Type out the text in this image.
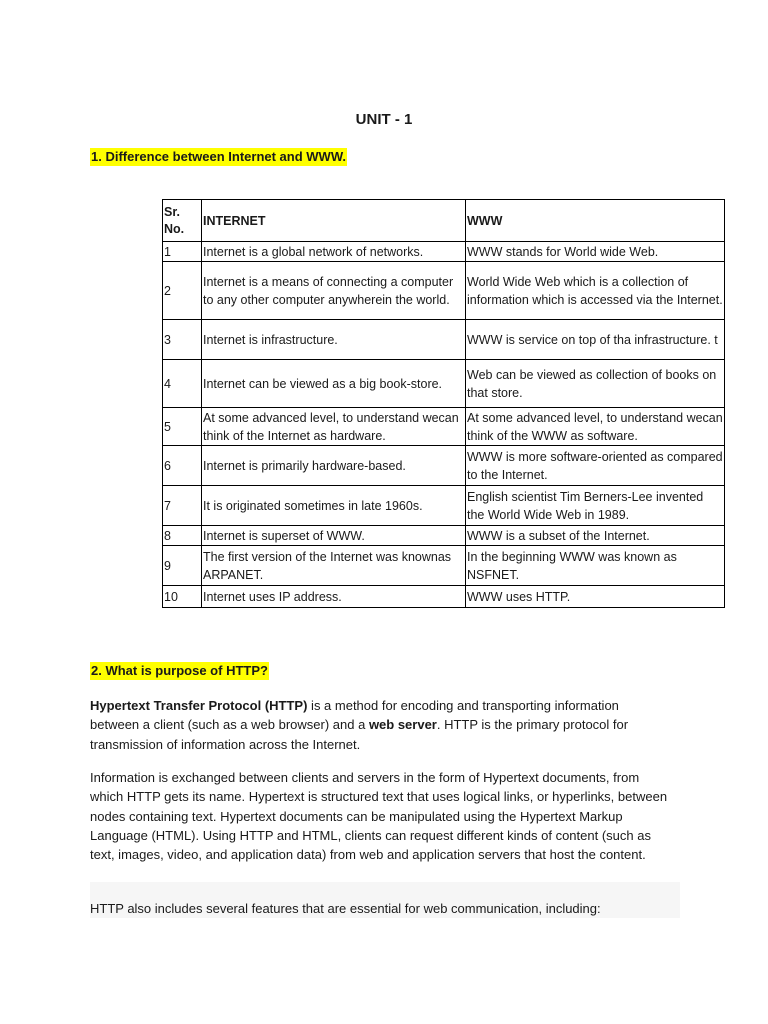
UNIT - 1
1. Difference between Internet and WWW.
Sr.
No.	INTERNET	WWW
1	Internet is a global network of networks.	WWW stands for World wide Web.
2	Internet is a means of connecting a computer to any other computer anywherein the world.	World Wide Web which is a collection of information which is accessed via the Internet.
3	Internet is infrastructure.	WWW is service on top of tha infrastructure. t
4	Internet can be viewed as a big book-store.	Web can be viewed as collection of books on that store.
5	At some advanced level, to understand wecan think of the Internet as hardware.	At some advanced level, to understand wecan think of the WWW as software.
6	Internet is primarily hardware-based.	WWW is more software-oriented as compared to the Internet.
7	It is originated sometimes in late 1960s.	English scientist Tim Berners-Lee invented the World Wide Web in 1989.
8	Internet is superset of WWW.	WWW is a subset of the Internet.
9	The first version of the Internet was knownas ARPANET.	In the beginning WWW was known as NSFNET.
10	Internet uses IP address.	WWW uses HTTP.
2. What is purpose of HTTP?
Hypertext Transfer Protocol (HTTP) is a method for encoding and transporting information between a client (such as a web browser) and a web server. HTTP is the primary protocol for transmission of information across the Internet.
Information is exchanged between clients and servers in the form of Hypertext documents, from which HTTP gets its name. Hypertext is structured text that uses logical links, or hyperlinks, between nodes containing text. Hypertext documents can be manipulated using the Hypertext Markup Language (HTML). Using HTTP and HTML, clients can request different kinds of content (such as text, images, video, and application data) from web and application servers that host the content.
HTTP also includes several features that are essential for web communication, including:
